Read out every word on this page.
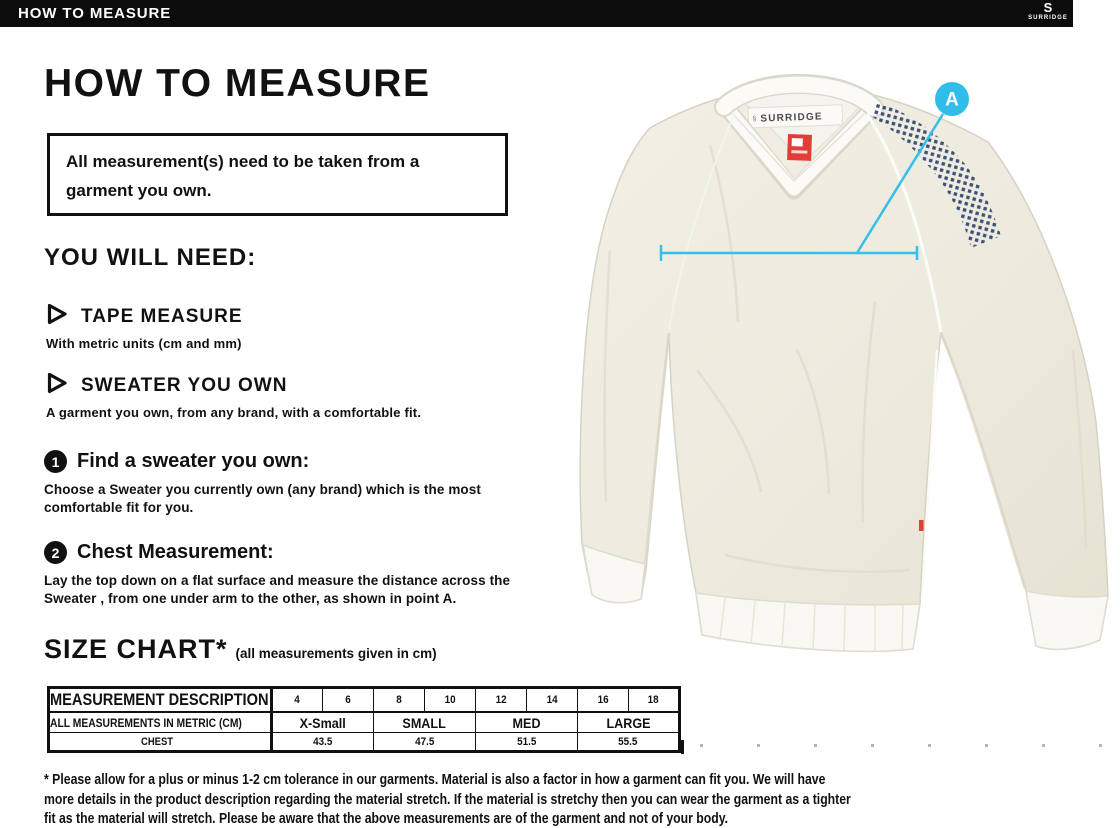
HOW TO MEASURE	S
SURRIDGE
HOW TO MEASURE

All measurement(s) need to be taken from a garment you own.

YOU WILL NEED:
TAPE MEASURE
With metric units (cm and mm)
SWEATER YOU OWN
A garment you own, from any brand, with a comfortable fit.
1 Find a sweater you own:
Choose a Sweater you currently own (any brand) which is the most comfortable fit for you.
2 Chest Measurement:
Lay the top down on a flat surface and measure the distance across the Sweater , from one under arm to the other, as shown in point A.
SIZE CHART* (all measurements given in cm)
MEASUREMENT DESCRIPTION	4	6	8	10	12	14	16	18
ALL MEASUREMENTS IN METRIC (CM)	X-Small		SMALL		MED		LARGE	
CHEST	43.5		47.5		51.5		55.5	

* Please allow for a plus or minus 1-2 cm tolerance in our garments. Material is also a factor in how a garment can fit you. We will have more details in the product description regarding the material stretch. If the material is stretchy then you can wear the garment as a tighter fit as the material will stretch. Please be aware that the above measurements are of the garment and not of your body.

SURRIDGE
§
A
